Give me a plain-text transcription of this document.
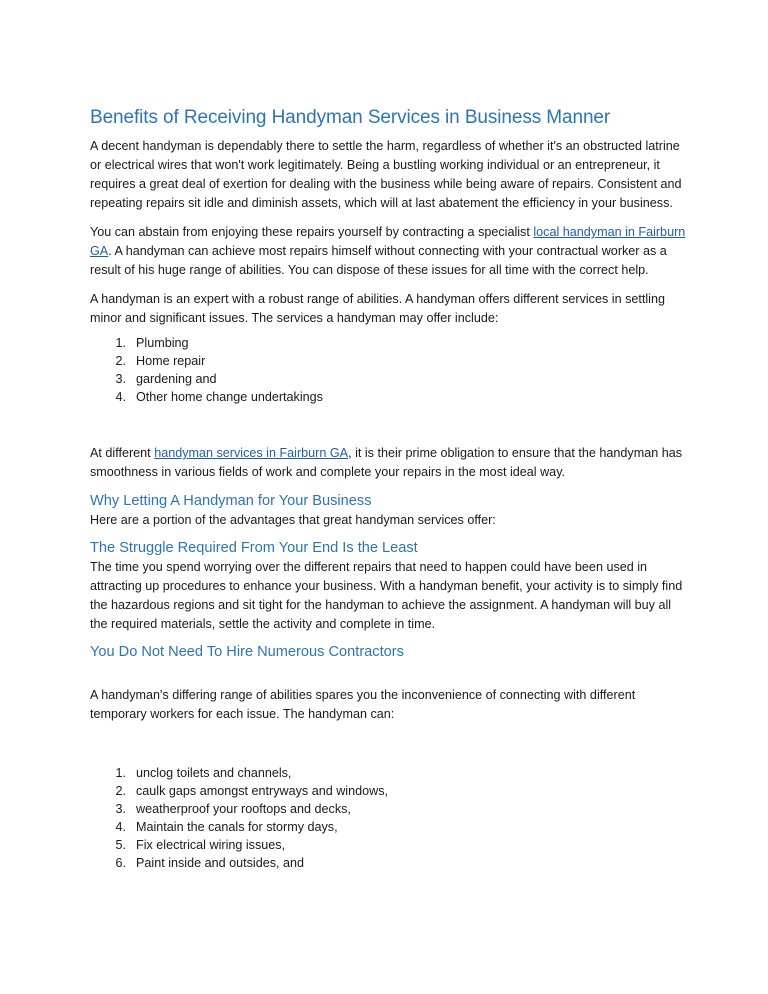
Benefits of Receiving Handyman Services in Business Manner

A decent handyman is dependably there to settle the harm, regardless of whether it's an obstructed latrine or electrical wires that won't work legitimately. Being a bustling working individual or an entrepreneur, it requires a great deal of exertion for dealing with the business while being aware of repairs. Consistent and repeating repairs sit idle and diminish assets, which will at last abatement the efficiency in your business.

You can abstain from enjoying these repairs yourself by contracting a specialist local handyman in Fairburn GA. A handyman can achieve most repairs himself without connecting with your contractual worker as a result of his huge range of abilities. You can dispose of these issues for all time with the correct help.

A handyman is an expert with a robust range of abilities. A handyman offers different services in settling minor and significant issues. The services a handyman may offer include:

1. Plumbing
2. Home repair
3. gardening and
4. Other home change undertakings

At different handyman services in Fairburn GA, it is their prime obligation to ensure that the handyman has smoothness in various fields of work and complete your repairs in the most ideal way.

Why Letting A Handyman for Your Business

Here are a portion of the advantages that great handyman services offer:

The Struggle Required From Your End Is the Least

The time you spend worrying over the different repairs that need to happen could have been used in attracting up procedures to enhance your business. With a handyman benefit, your activity is to simply find the hazardous regions and sit tight for the handyman to achieve the assignment. A handyman will buy all the required materials, settle the activity and complete in time.

You Do Not Need To Hire Numerous Contractors

A handyman's differing range of abilities spares you the inconvenience of connecting with different temporary workers for each issue. The handyman can:

1. unclog toilets and channels,
2. caulk gaps amongst entryways and windows,
3. weatherproof your rooftops and decks,
4. Maintain the canals for stormy days,
5. Fix electrical wiring issues,
6. Paint inside and outsides, and
